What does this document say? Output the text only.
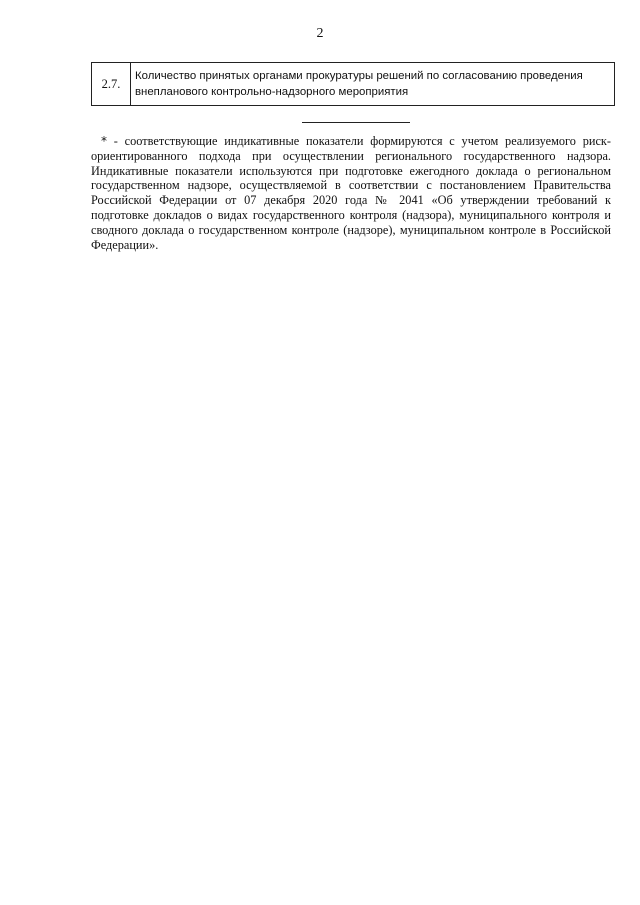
2
2.7.	Количество принятых органами прокуратуры решений по согласованию проведения внепланового контрольно-надзорного мероприятия

* - соответствующие индикативные показатели формируются с учетом реализуемого риск-ориентированного подхода при осуществлении регионального государственного надзора. Индикативные показатели используются при подготовке ежегодного доклада о региональном государственном надзоре, осуществляемой в соответствии с постановлением Правительства Российской Федерации от 07 декабря 2020 года № 2041 «Об утверждении требований к подготовке докладов о видах государственного контроля (надзора), муниципального контроля и сводного доклада о государственном контроле (надзоре), муниципальном контроле в Российской Федерации».
